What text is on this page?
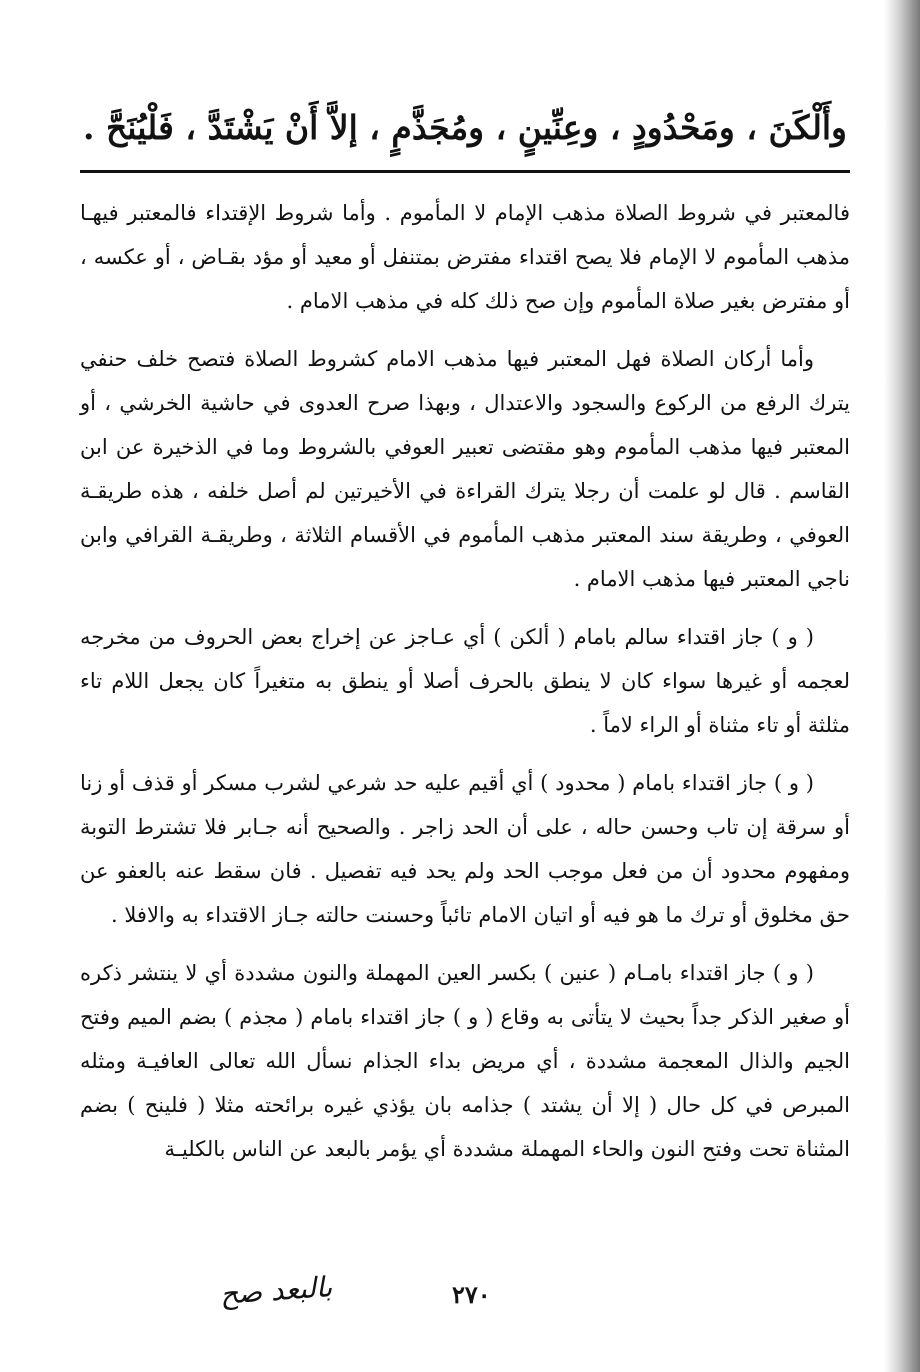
وأَلْكَنَ ، ومَحْدُودٍ ، وعِنِّينٍ ، ومُجَذَّمٍ ، إلاَّ أَنْ يَشْتَدَّ ، فَلْيُنَحَّ .

فالمعتبر في شروط الصلاة مذهب الإمام لا المأموم . وأما شروط الإقتداء فالمعتبر فيهـا مذهب المأموم لا الإمام فلا يصح اقتداء مفترض بمتنفل أو معيد أو مؤد بقـاض ، أو عكسه ، أو مفترض بغير صلاة المأموم وإن صح ذلك كله في مذهب الامام .

وأما أركان الصلاة فهل المعتبر فيها مذهب الامام كشروط الصلاة فتصح خلف حنفي يترك الرفع من الركوع والسجود والاعتدال ، وبهذا صرح العدوى في حاشية الخرشي ، أو المعتبر فيها مذهب المأموم وهو مقتضى تعبير العوفي بالشروط وما في الذخيرة عن ابن القاسم . قال لو علمت أن رجلا يترك القراءة في الأخيرتين لم أصل خلفه ، هذه طريقـة العوفي ، وطريقة سند المعتبر مذهب المأموم في الأقسام الثلاثة ، وطريقـة القرافي وابن ناجي المعتبر فيها مذهب الامام .

( و ) جاز اقتداء سالم بامام ( ألكن ) أي عـاجز عن إخراج بعض الحروف من مخرجه لعجمه أو غيرها سواء كان لا ينطق بالحرف أصلا أو ينطق به متغيراً كان يجعل اللام تاء مثلثة أو تاء مثناة أو الراء لاماً .

( و ) جاز اقتداء بامام ( محدود ) أي أقيم عليه حد شرعي لشرب مسكر أو قذف أو زنا أو سرقة إن تاب وحسن حاله ، على أن الحد زاجر . والصحيح أنه جـابر فلا تشترط التوبة ومفهوم محدود أن من فعل موجب الحد ولم يحد فيه تفصيل . فان سقط عنه بالعفو عن حق مخلوق أو ترك ما هو فيه أو اتيان الامام تائباً وحسنت حالته جـاز الاقتداء به والافلا .

( و ) جاز اقتداء بامـام ( عنين ) بكسر العين المهملة والنون مشددة أي لا ينتشر ذكره أو صغير الذكر جداً بحيث لا يتأتى به وقاع ( و ) جاز اقتداء بامام ( مجذم ) بضم الميم وفتح الجيم والذال المعجمة مشددة ، أي مريض بداء الجذام نسأل الله تعالى العافيـة ومثله المبرص في كل حال ( إلا أن يشتد ) جذامه بان يؤذي غيره برائحته مثلا ( فلينح ) بضم المثناة تحت وفتح النون والحاء المهملة مشددة أي يؤمر بالبعد عن الناس بالكليـة

بالبعد صح	٢٧٠
